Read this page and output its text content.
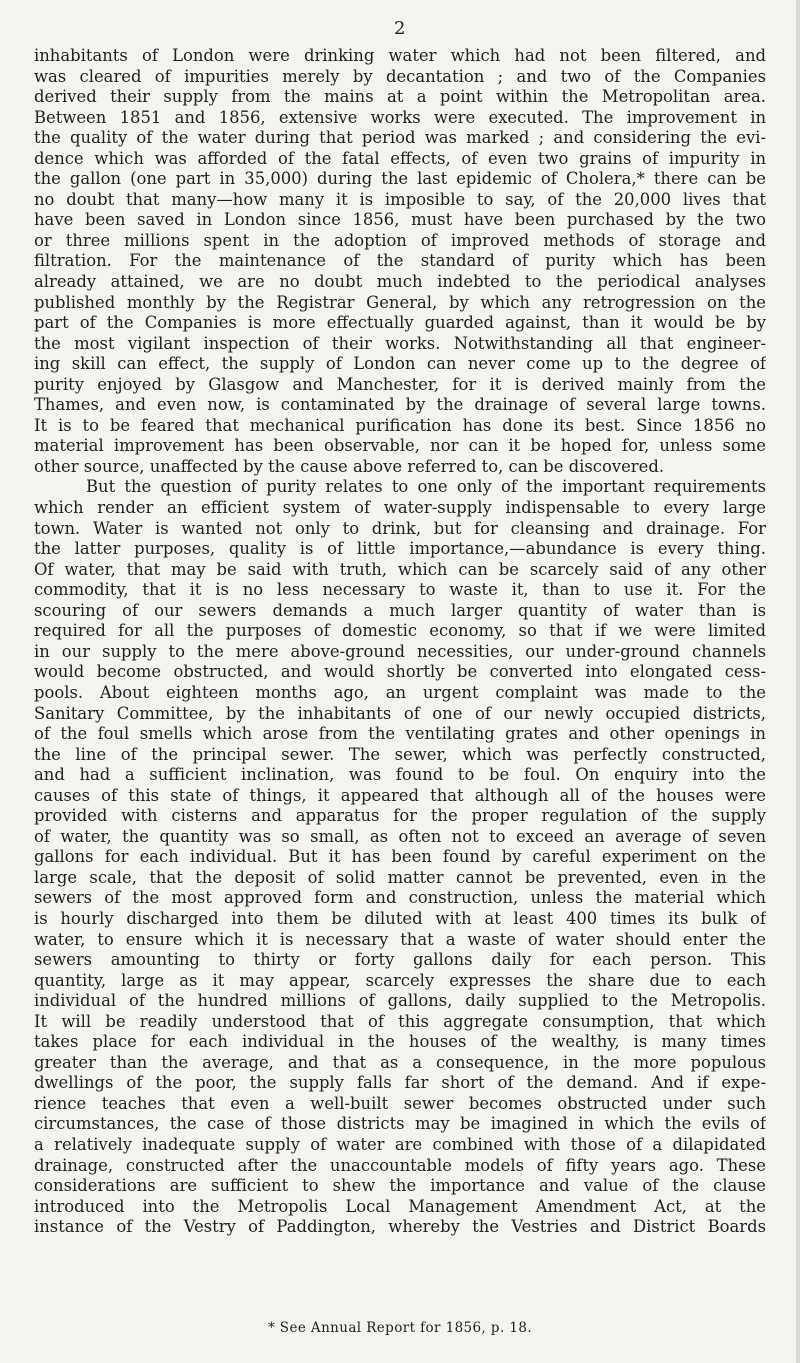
2
inhabitants of London were drinking water which had not been filtered, and
was cleared of impurities merely by decantation ; and two of the Companies
derived their supply from the mains at a point within the Metropolitan area.
Between 1851 and 1856, extensive works were executed. The improvement in
the quality of the water during that period was marked ; and considering the evi-
dence which was afforded of the fatal effects, of even two grains of impurity in
the gallon (one part in 35,000) during the last epidemic of Cholera,* there can be
no doubt that many—how many it is imposible to say, of the 20,000 lives that
have been saved in London since 1856, must have been purchased by the two
or three millions spent in the adoption of improved methods of storage and
filtration. For the maintenance of the standard of purity which has been
already attained, we are no doubt much indebted to the periodical analyses
published monthly by the Registrar General, by which any retrogression on the
part of the Companies is more effectually guarded against, than it would be by
the most vigilant inspection of their works. Notwithstanding all that engineer-
ing skill can effect, the supply of London can never come up to the degree of
purity enjoyed by Glasgow and Manchester, for it is derived mainly from the
Thames, and even now, is contaminated by the drainage of several large towns.
It is to be feared that mechanical purification has done its best. Since 1856 no
material improvement has been observable, nor can it be hoped for, unless some
other source, unaffected by the cause above referred to, can be discovered.
But the question of purity relates to one only of the important requirements
which render an efficient system of water-supply indispensable to every large
town. Water is wanted not only to drink, but for cleansing and drainage. For
the latter purposes, quality is of little importance,—abundance is every thing.
Of water, that may be said with truth, which can be scarcely said of any other
commodity, that it is no less necessary to waste it, than to use it. For the
scouring of our sewers demands a much larger quantity of water than is
required for all the purposes of domestic economy, so that if we were limited
in our supply to the mere above-ground necessities, our under-ground channels
would become obstructed, and would shortly be converted into elongated cess-
pools. About eighteen months ago, an urgent complaint was made to the
Sanitary Committee, by the inhabitants of one of our newly occupied districts,
of the foul smells which arose from the ventilating grates and other openings in
the line of the principal sewer. The sewer, which was perfectly constructed,
and had a sufficient inclination, was found to be foul. On enquiry into the
causes of this state of things, it appeared that although all of the houses were
provided with cisterns and apparatus for the proper regulation of the supply
of water, the quantity was so small, as often not to exceed an average of seven
gallons for each individual. But it has been found by careful experiment on the
large scale, that the deposit of solid matter cannot be prevented, even in the
sewers of the most approved form and construction, unless the material which
is hourly discharged into them be diluted with at least 400 times its bulk of
water, to ensure which it is necessary that a waste of water should enter the
sewers amounting to thirty or forty gallons daily for each person. This
quantity, large as it may appear, scarcely expresses the share due to each
individual of the hundred millions of gallons, daily supplied to the Metropolis.
It will be readily understood that of this aggregate consumption, that which
takes place for each individual in the houses of the wealthy, is many times
greater than the average, and that as a consequence, in the more populous
dwellings of the poor, the supply falls far short of the demand. And if expe-
rience teaches that even a well-built sewer becomes obstructed under such
circumstances, the case of those districts may be imagined in which the evils of
a relatively inadequate supply of water are combined with those of a dilapidated
drainage, constructed after the unaccountable models of fifty years ago. These
considerations are sufficient to shew the importance and value of the clause
introduced into the Metropolis Local Management Amendment Act, at the
instance of the Vestry of Paddington, whereby the Vestries and District Boards
* See Annual Report for 1856, p. 18.
